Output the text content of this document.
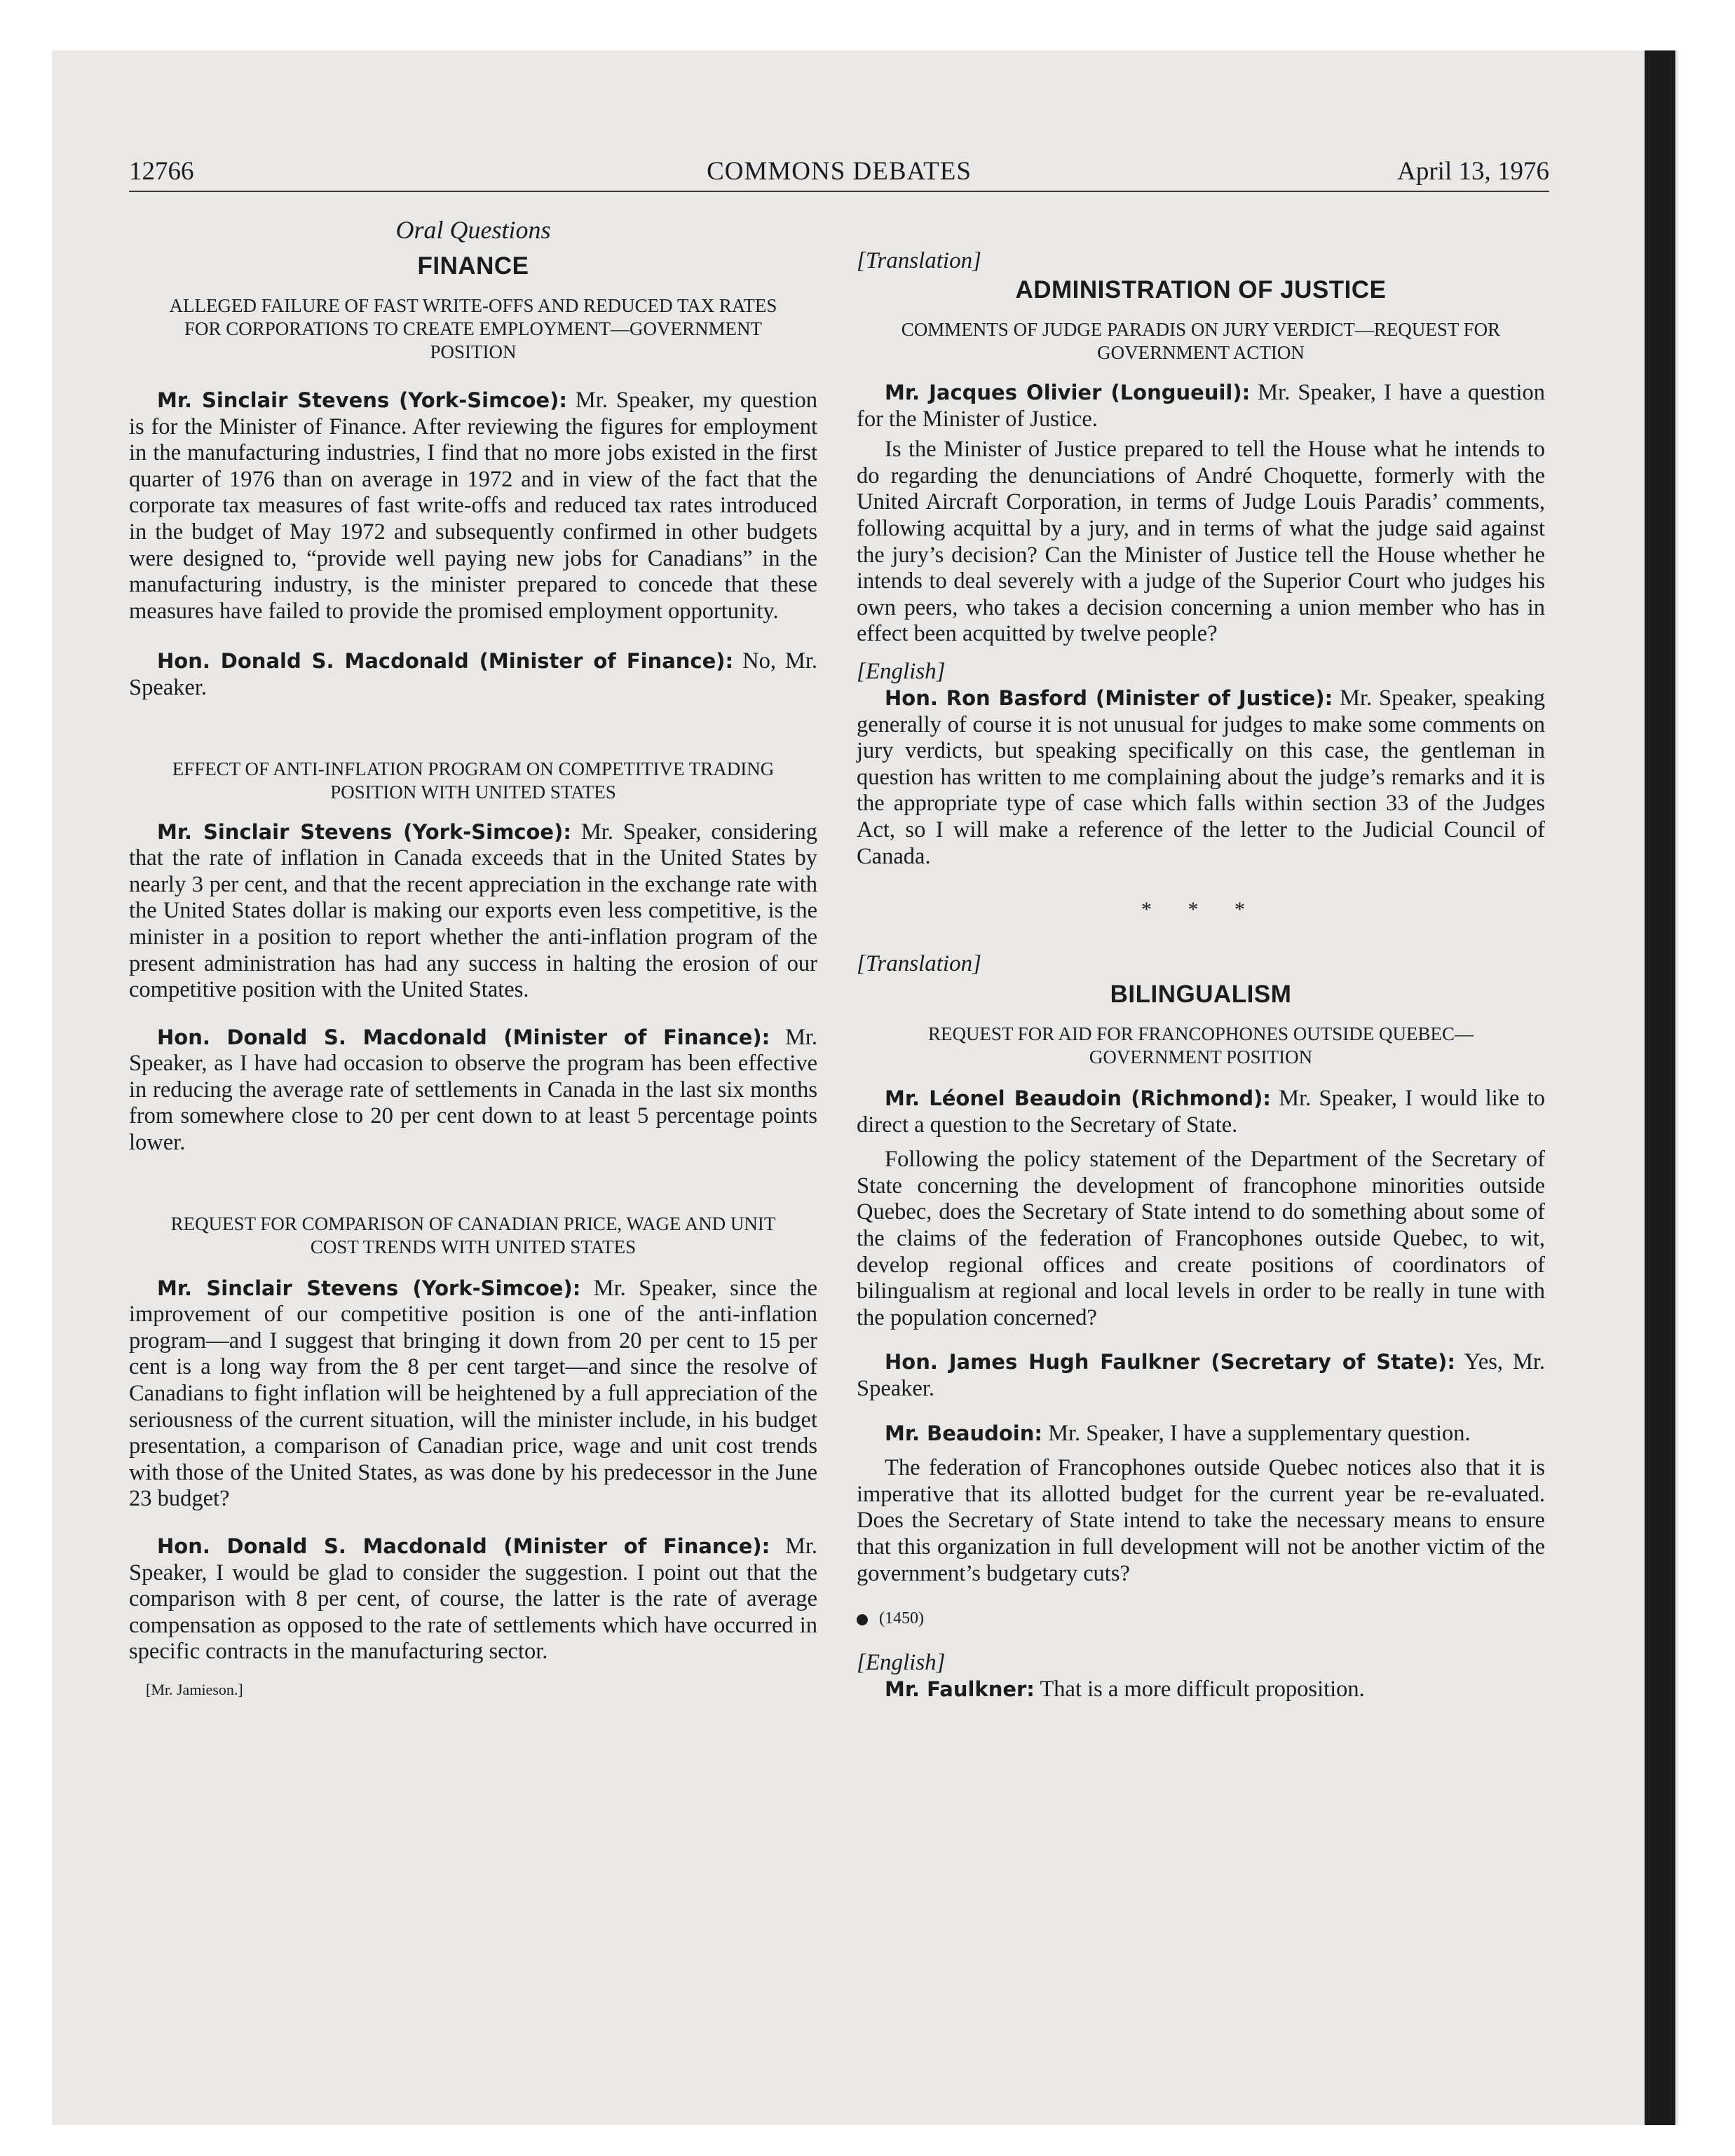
12766	COMMONS DEBATES	April 13, 1976
Oral Questions
FINANCE
ALLEGED FAILURE OF FAST WRITE-OFFS AND REDUCED TAX RATES FOR CORPORATIONS TO CREATE EMPLOYMENT—GOVERNMENT POSITION

Mr. Sinclair Stevens (York-Simcoe): Mr. Speaker, my question is for the Minister of Finance. After reviewing the figures for employment in the manufacturing industries, I find that no more jobs existed in the first quarter of 1976 than on average in 1972 and in view of the fact that the corporate tax measures of fast write-offs and reduced tax rates introduced in the budget of May 1972 and subsequently confirmed in other budgets were designed to, “provide well paying new jobs for Canadians” in the manufacturing industry, is the minister prepared to concede that these measures have failed to provide the promised employment opportunity.

Hon. Donald S. Macdonald (Minister of Finance): No, Mr. Speaker.

EFFECT OF ANTI-INFLATION PROGRAM ON COMPETITIVE TRADING POSITION WITH UNITED STATES

Mr. Sinclair Stevens (York-Simcoe): Mr. Speaker, considering that the rate of inflation in Canada exceeds that in the United States by nearly 3 per cent, and that the recent appreciation in the exchange rate with the United States dollar is making our exports even less competitive, is the minister in a position to report whether the anti-inflation program of the present administration has had any success in halting the erosion of our competitive position with the United States.

Hon. Donald S. Macdonald (Minister of Finance): Mr. Speaker, as I have had occasion to observe the program has been effective in reducing the average rate of settlements in Canada in the last six months from somewhere close to 20 per cent down to at least 5 percentage points lower.

REQUEST FOR COMPARISON OF CANADIAN PRICE, WAGE AND UNIT COST TRENDS WITH UNITED STATES

Mr. Sinclair Stevens (York-Simcoe): Mr. Speaker, since the improvement of our competitive position is one of the anti-inflation program—and I suggest that bringing it down from 20 per cent to 15 per cent is a long way from the 8 per cent target—and since the resolve of Canadians to fight inflation will be heightened by a full appreciation of the seriousness of the current situation, will the minister include, in his budget presentation, a comparison of Canadian price, wage and unit cost trends with those of the United States, as was done by his predecessor in the June 23 budget?

Hon. Donald S. Macdonald (Minister of Finance): Mr. Speaker, I would be glad to consider the suggestion. I point out that the comparison with 8 per cent, of course, the latter is the rate of average compensation as opposed to the rate of settlements which have occurred in specific contracts in the manufacturing sector.

[Mr. Jamieson.]
[Translation]
ADMINISTRATION OF JUSTICE
COMMENTS OF JUDGE PARADIS ON JURY VERDICT—REQUEST FOR GOVERNMENT ACTION

Mr. Jacques Olivier (Longueuil): Mr. Speaker, I have a question for the Minister of Justice.

Is the Minister of Justice prepared to tell the House what he intends to do regarding the denunciations of André Choquette, formerly with the United Aircraft Corporation, in terms of Judge Louis Paradis’ comments, following acquittal by a jury, and in terms of what the judge said against the jury’s decision? Can the Minister of Justice tell the House whether he intends to deal severely with a judge of the Superior Court who judges his own peers, who takes a decision concerning a union member who has in effect been acquitted by twelve people?

[English]

Hon. Ron Basford (Minister of Justice): Mr. Speaker, speaking generally of course it is not unusual for judges to make some comments on jury verdicts, but speaking specifically on this case, the gentleman in question has written to me complaining about the judge’s remarks and it is the appropriate type of case which falls within section 33 of the Judges Act, so I will make a reference of the letter to the Judicial Council of Canada.

* * *
[Translation]
BILINGUALISM
REQUEST FOR AID FOR FRANCOPHONES OUTSIDE QUEBEC—GOVERNMENT POSITION

Mr. Léonel Beaudoin (Richmond): Mr. Speaker, I would like to direct a question to the Secretary of State.

Following the policy statement of the Department of the Secretary of State concerning the development of francophone minorities outside Quebec, does the Secretary of State intend to do something about some of the claims of the federation of Francophones outside Quebec, to wit, develop regional offices and create positions of coordinators of bilingualism at regional and local levels in order to be really in tune with the population concerned?

Hon. James Hugh Faulkner (Secretary of State): Yes, Mr. Speaker.

Mr. Beaudoin: Mr. Speaker, I have a supplementary question.

The federation of Francophones outside Quebec notices also that it is imperative that its allotted budget for the current year be re-evaluated. Does the Secretary of State intend to take the necessary means to ensure that this organization in full development will not be another victim of the government’s budgetary cuts?

(1450)
[English]

Mr. Faulkner: That is a more difficult proposition.
